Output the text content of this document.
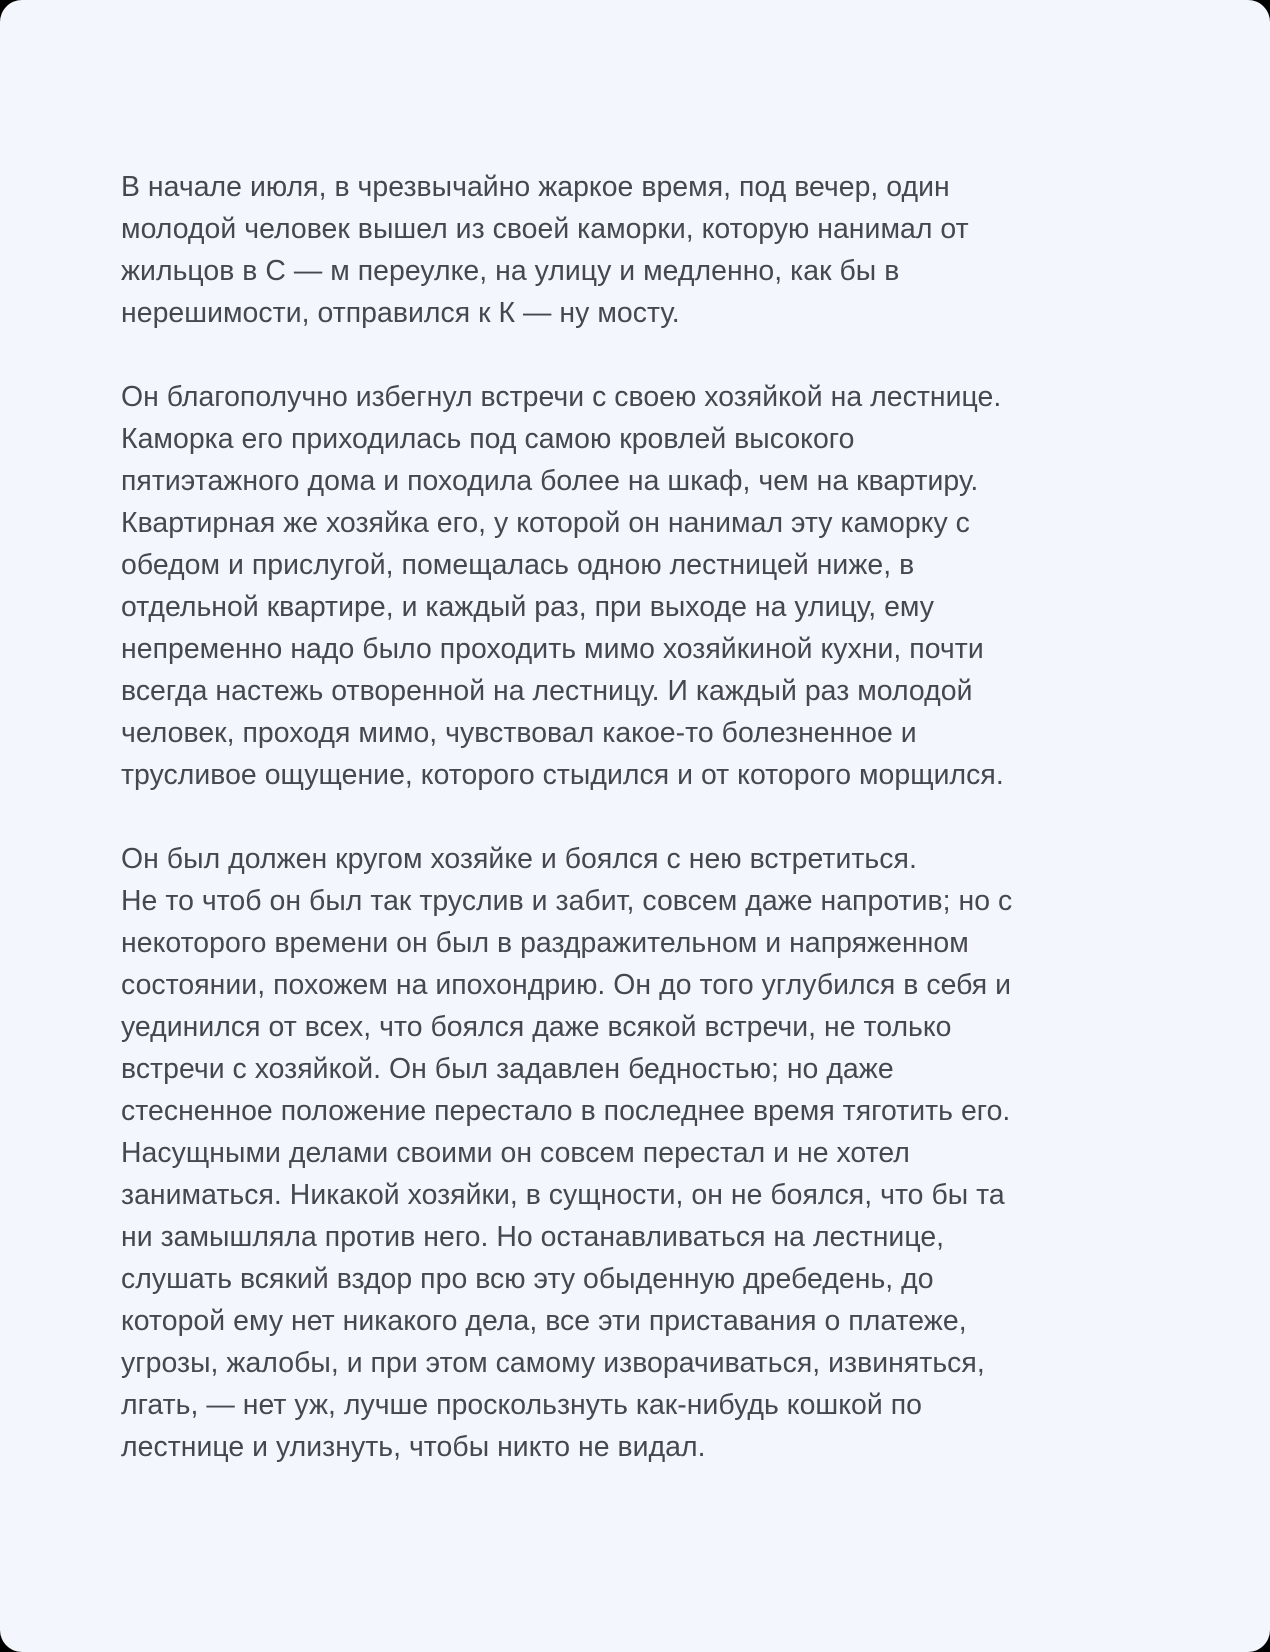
В начале июля, в чрезвычайно жаркое время, под вечер, один
молодой человек вышел из своей каморки, которую нанимал от
жильцов в С — м переулке, на улицу и медленно, как бы в
нерешимости, отправился к К — ну мосту.

Он благополучно избегнул встречи с своею хозяйкой на лестнице.
Каморка его приходилась под самою кровлей высокого
пятиэтажного дома и походила более на шкаф, чем на квартиру.
Квартирная же хозяйка его, у которой он нанимал эту каморку с
обедом и прислугой, помещалась одною лестницей ниже, в
отдельной квартире, и каждый раз, при выходе на улицу, ему
непременно надо было проходить мимо хозяйкиной кухни, почти
всегда настежь отворенной на лестницу. И каждый раз молодой
человек, проходя мимо, чувствовал какое-то болезненное и
трусливое ощущение, которого стыдился и от которого морщился.

Он был должен кругом хозяйке и боялся с нею встретиться.
Не то чтоб он был так труслив и забит, совсем даже напротив; но с
некоторого времени он был в раздражительном и напряженном
состоянии, похожем на ипохондрию. Он до того углубился в себя и
уединился от всех, что боялся даже всякой встречи, не только
встречи с хозяйкой. Он был задавлен бедностью; но даже
стесненное положение перестало в последнее время тяготить его.
Насущными делами своими он совсем перестал и не хотел
заниматься. Никакой хозяйки, в сущности, он не боялся, что бы та
ни замышляла против него. Но останавливаться на лестнице,
слушать всякий вздор про всю эту обыденную дребедень, до
которой ему нет никакого дела, все эти приставания о платеже,
угрозы, жалобы, и при этом самому изворачиваться, извиняться,
лгать, — нет уж, лучше проскользнуть как-нибудь кошкой по
лестнице и улизнуть, чтобы никто не видал.
